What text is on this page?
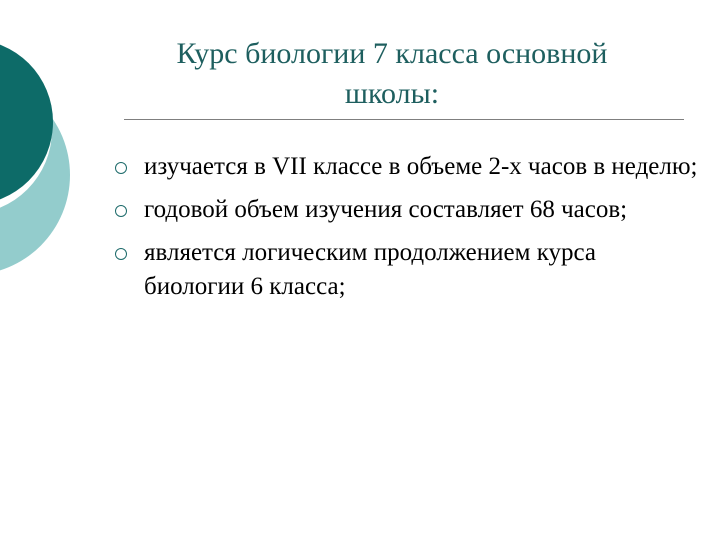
Курс биологии 7 класса основной школы:
изучается в VII классе в объеме 2-х часов в неделю;
годовой объем изучения составляет 68 часов;
является логическим продолжением курса биологии 6 класса;
